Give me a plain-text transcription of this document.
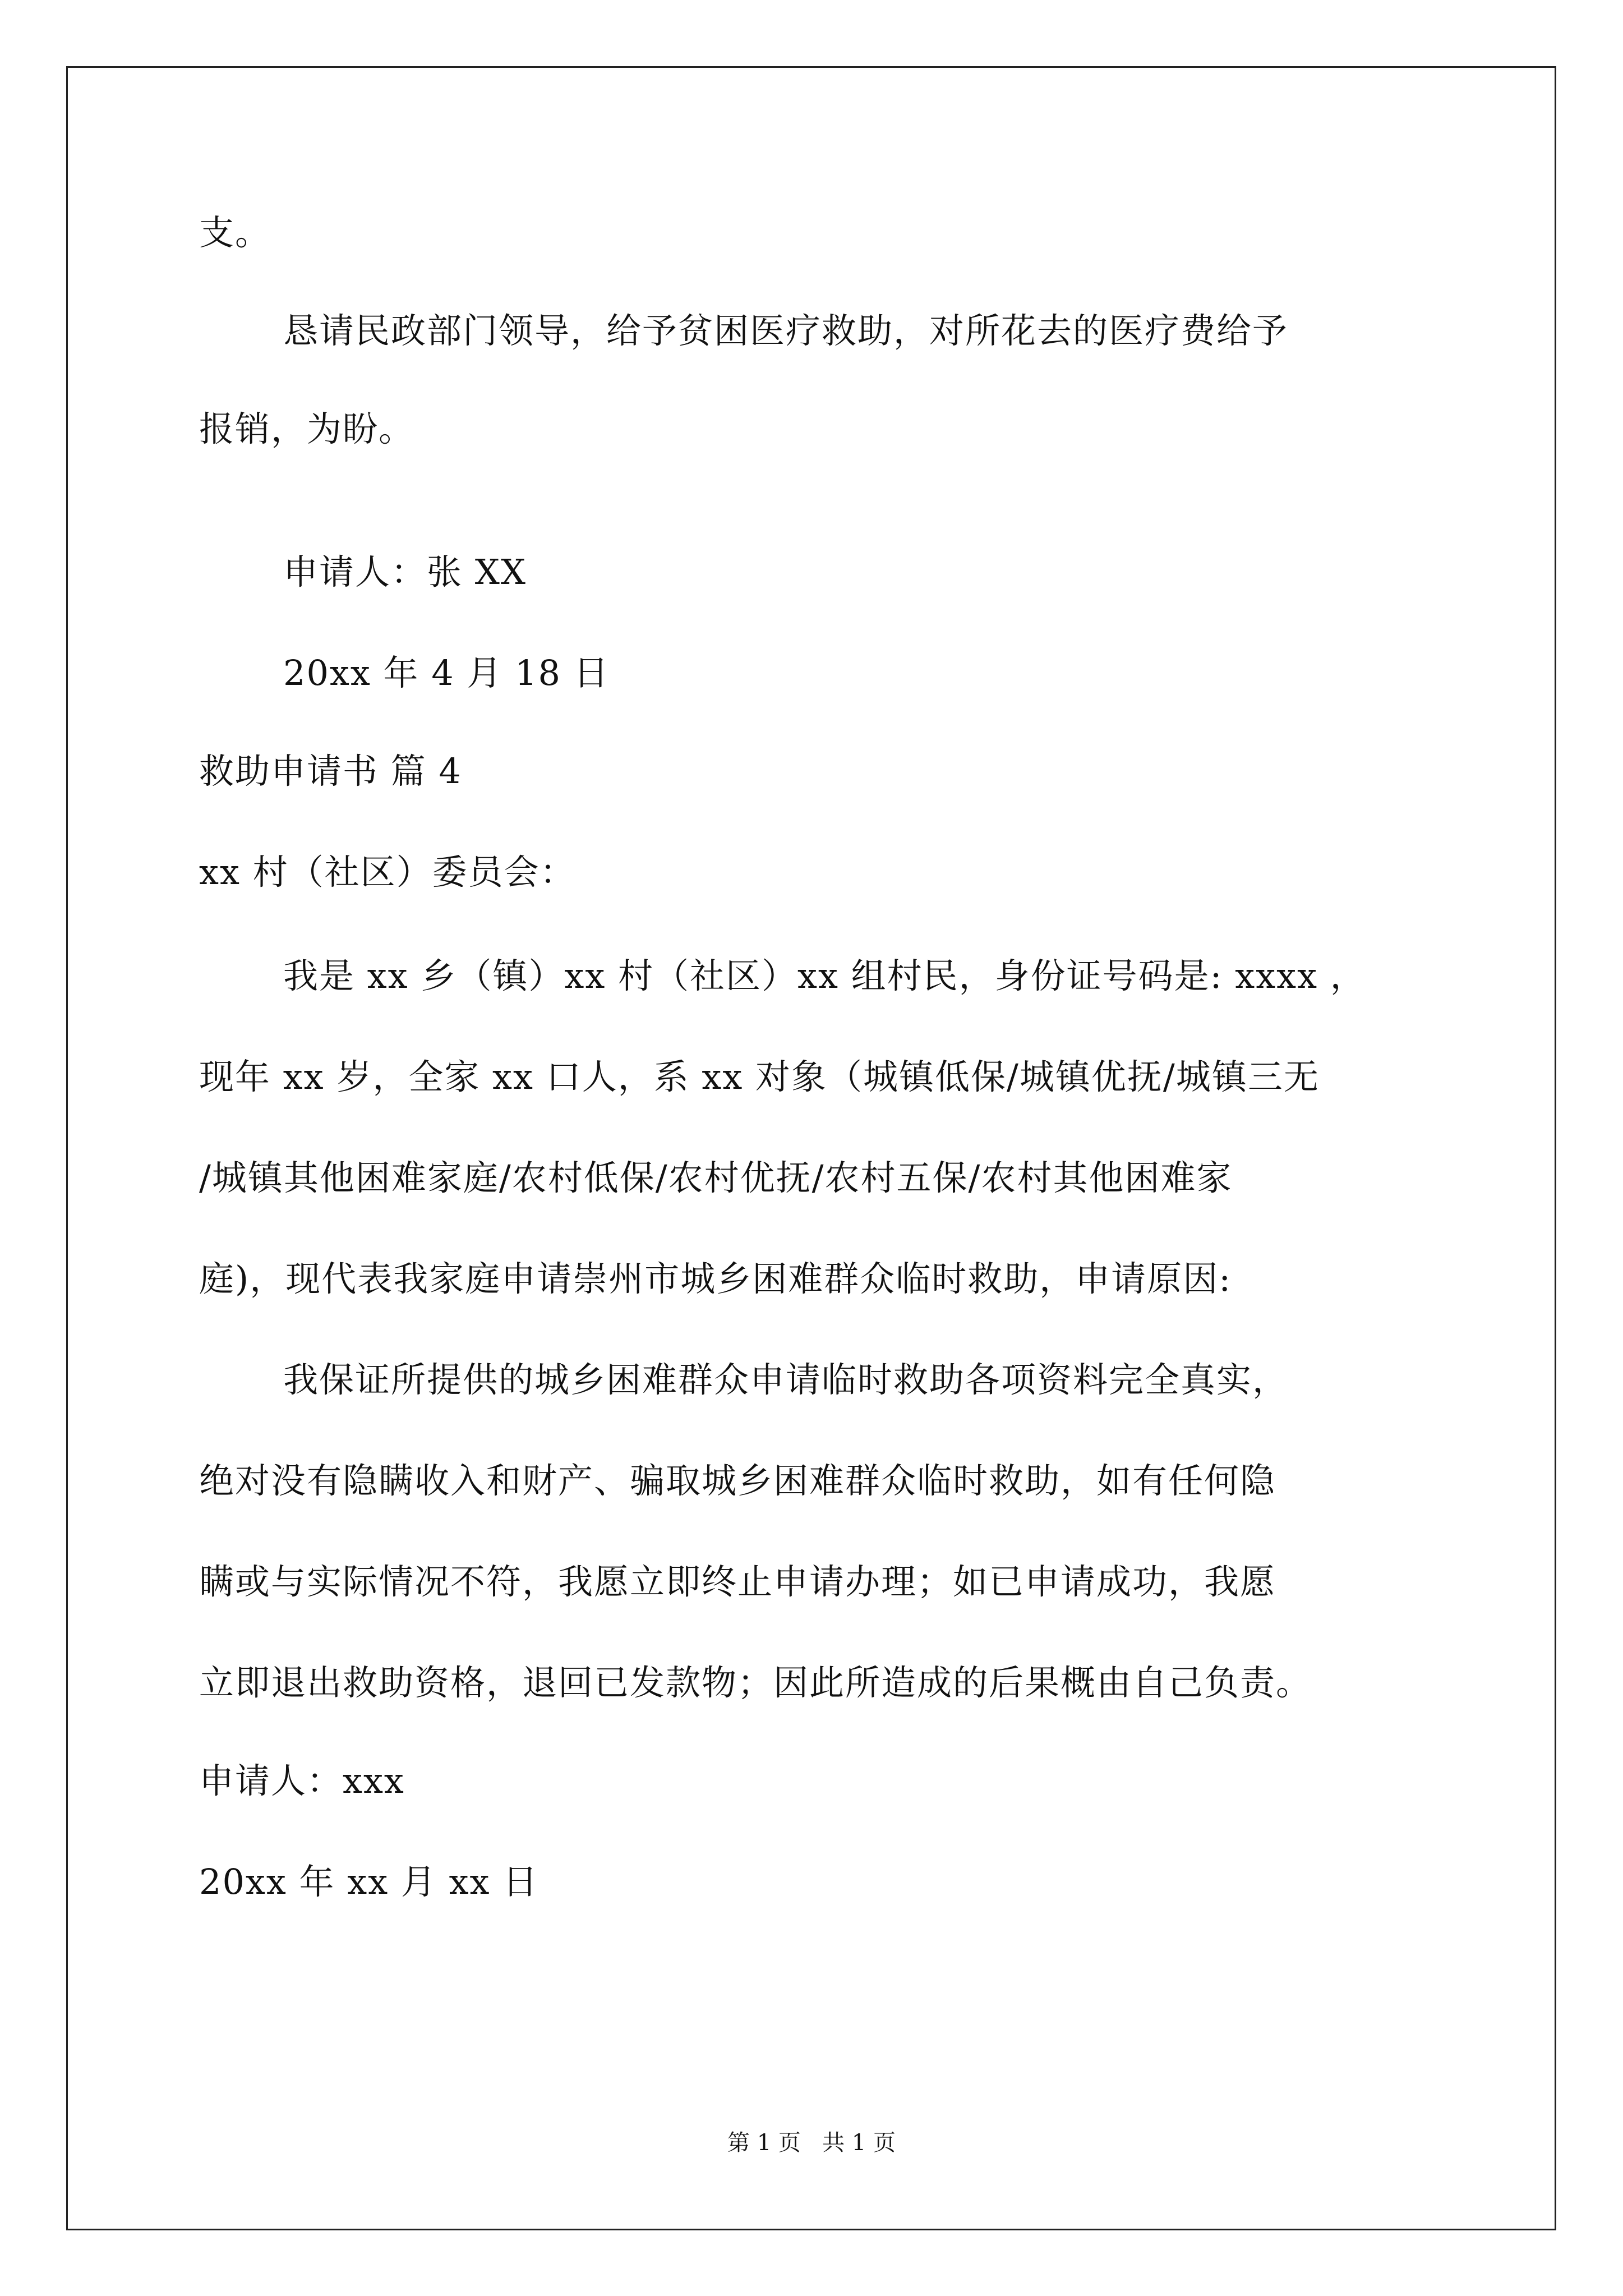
支。
恳请民政部门领导，给予贫困医疗救助，对所花去的医疗费给予
报销，为盼。
申请人：张 XX
20xx 年 4 月 18 日
救助申请书 篇 4
xx 村（社区）委员会：
我是 xx 乡（镇）xx 村（社区）xx 组村民，身份证号码是: xxxx ，
现年 xx 岁，全家 xx 口人，系 xx 对象（城镇低保/城镇优抚/城镇三无
/城镇其他困难家庭/农村低保/农村优抚/农村五保/农村其他困难家
庭)，现代表我家庭申请崇州市城乡困难群众临时救助，申请原因:
我保证所提供的城乡困难群众申请临时救助各项资料完全真实，
绝对没有隐瞒收入和财产、骗取城乡困难群众临时救助，如有任何隐
瞒或与实际情况不符，我愿立即终止申请办理；如已申请成功，我愿
立即退出救助资格，退回已发款物；因此所造成的后果概由自己负责。
申请人：xxx
20xx 年 xx 月 xx 日
第 1 页   共 1 页
